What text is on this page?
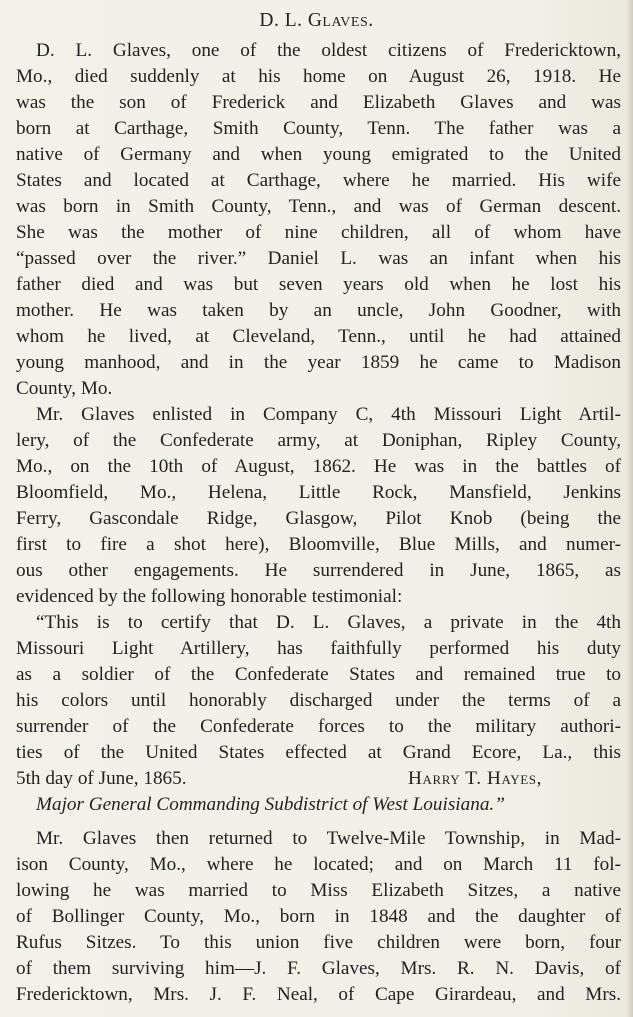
D. L. Glaves.
D. L. Glaves, one of the oldest citizens of Fredericktown,
Mo., died suddenly at his home on August 26, 1918. He
was the son of Frederick and Elizabeth Glaves and was
born at Carthage, Smith County, Tenn. The father was a
native of Germany and when young emigrated to the United
States and located at Carthage, where he married. His wife
was born in Smith County, Tenn., and was of German descent.
She was the mother of nine children, all of whom have
“passed over the river.” Daniel L. was an infant when his
father died and was but seven years old when he lost his
mother. He was taken by an uncle, John Goodner, with
whom he lived, at Cleveland, Tenn., until he had attained
young manhood, and in the year 1859 he came to Madison
County, Mo.
Mr. Glaves enlisted in Company C, 4th Missouri Light Artil-
lery, of the Confederate army, at Doniphan, Ripley County,
Mo., on the 10th of August, 1862. He was in the battles of
Bloomfield, Mo., Helena, Little Rock, Mansfield, Jenkins
Ferry, Gascondale Ridge, Glasgow, Pilot Knob (being the
first to fire a shot here), Bloomville, Blue Mills, and numer-
ous other engagements. He surrendered in June, 1865, as
evidenced by the following honorable testimonial:
“This is to certify that D. L. Glaves, a private in the 4th
Missouri Light Artillery, has faithfully performed his duty
as a soldier of the Confederate States and remained true to
his colors until honorably discharged under the terms of a
surrender of the Confederate forces to the military authori-
ties of the United States effected at Grand Ecore, La., this
5th day of June, 1865.	Harry T. Hayes,
Major General Commanding Subdistrict of West Louisiana.”
Mr. Glaves then returned to Twelve-Mile Township, in Mad-
ison County, Mo., where he located; and on March 11 fol-
lowing he was married to Miss Elizabeth Sitzes, a native
of Bollinger County, Mo., born in 1848 and the daughter of
Rufus Sitzes. To this union five children were born, four
of them surviving him—J. F. Glaves, Mrs. R. N. Davis, of
Fredericktown, Mrs. J. F. Neal, of Cape Girardeau, and Mrs.
